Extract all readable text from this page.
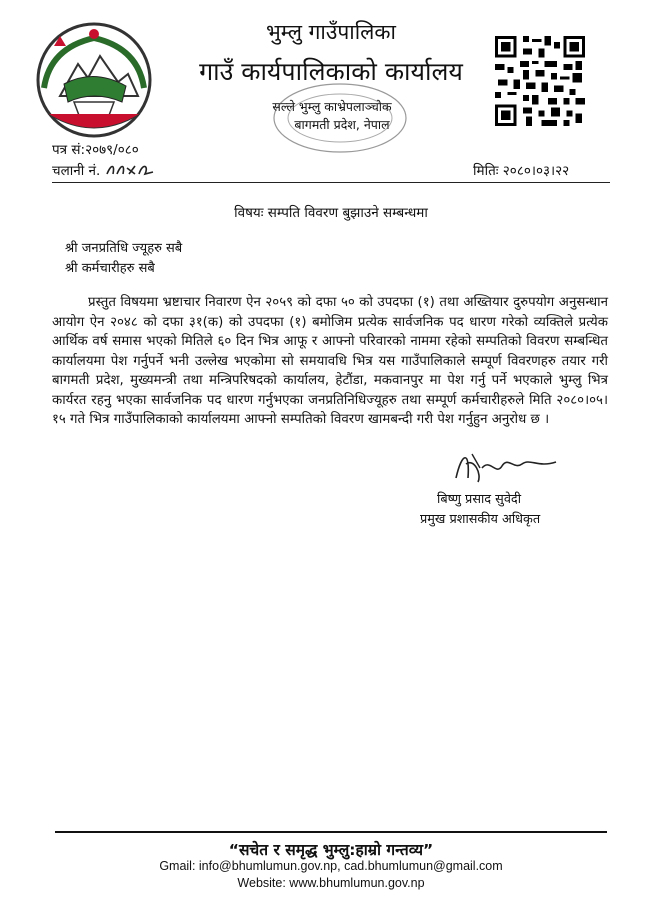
भुम्लु गाउँपालिका
गाउँ कार्यपालिकाको कार्यालय
सल्ले भुम्लु काभ्रेपलाञ्चोक
बागमती प्रदेश, नेपाल
पत्र सं:२०७९/०८०
चलानी नं.	मितिः २०८०।०३।२२
विषयः सम्पति विवरण बुझाउने सम्बन्धमा
श्री जनप्रतिधि ज्यूहरु सबै
श्री कर्मचारीहरु सबै
प्रस्तुत विषयमा भ्रष्टाचार निवारण ऐन २०५९ को दफा ५० को उपदफा (१) तथा अख्तियार दुरुपयोग अनुसन्धान आयोग ऐन २०४८ को दफा ३१(क) को उपदफा (१) बमोजिम प्रत्येक सार्वजनिक पद धारण गरेको व्यक्तिले प्रत्येक आर्थिक वर्ष समास भएको मितिले ६० दिन भित्र आफू र आफ्नो परिवारको नाममा रहेको सम्पतिको विवरण सम्बन्धित कार्यालयमा पेश गर्नुपर्ने भनी उल्लेख भएकोमा सो समयावधि भित्र यस गाउँपालिकाले सम्पूर्ण विवरणहरु तयार गरी बागमती प्रदेश, मुख्यमन्त्री तथा मन्त्रिपरिषदको कार्यालय, हेटौंडा, मकवानपुर मा पेश गर्नु पर्ने भएकाले भुम्लु भित्र कार्यरत रहनु भएका सार्वजनिक पद धारण गर्नुभएका जनप्रतिनिधिज्यूहरु तथा सम्पूर्ण कर्मचारीहरुले मिति २०८०।०५।१५ गते भित्र गाउँपालिकाको कार्यालयमा आफ्नो सम्पतिको विवरण खामबन्दी गरी पेश गर्नुहुन अनुरोध छ ।
बिष्णु प्रसाद सुवेदी
प्रमुख प्रशासकीय अधिकृत
“सचेत र समृद्ध भुम्लु:हाम्रो गन्तव्य”
Gmail: info@bhumlumun.gov.np, cad.bhumlumun@gmail.com
Website: www.bhumlumun.gov.np
